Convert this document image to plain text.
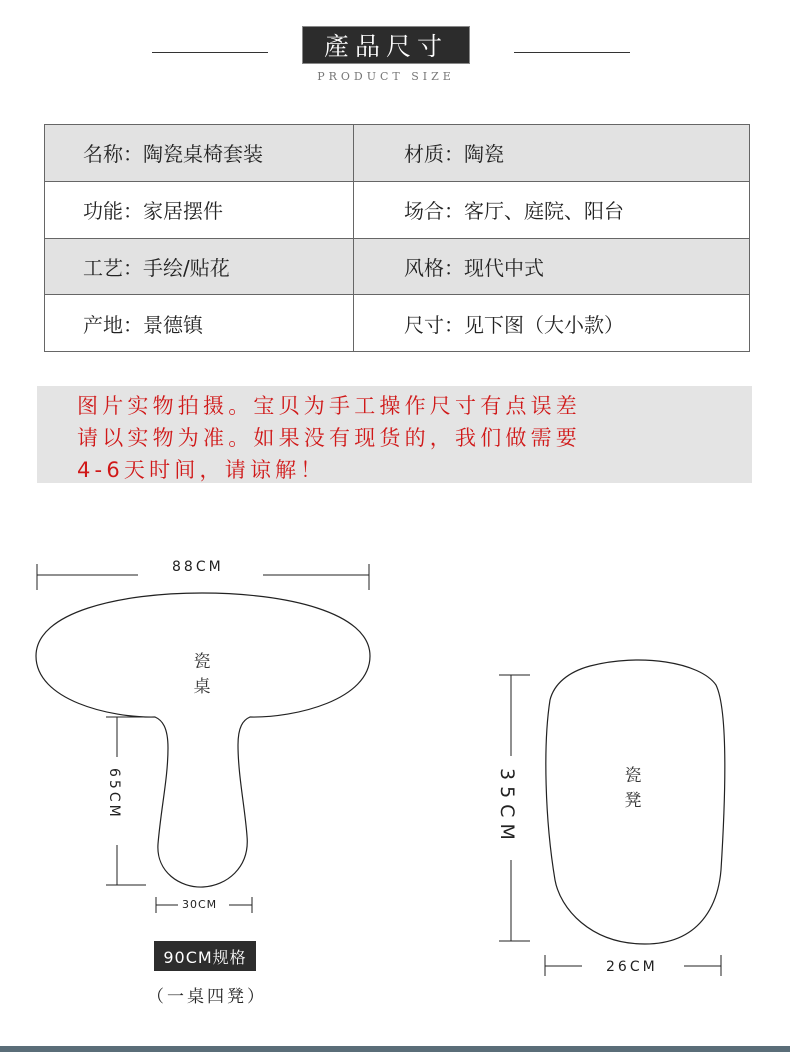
產品尺寸
PRODUCT SIZE
名称：陶瓷桌椅套装	材质：陶瓷
功能：家居摆件	场合：客厅、庭院、阳台
工艺：手绘/贴花	风格：现代中式
产地：景德镇	尺寸：见下图（大小款）
图片实物拍摄。宝贝为手工操作尺寸有点误差
请以实物为准。如果没有现货的，我们做需要
4-6天时间，请谅解！
88CM
瓷
桌
65CM
30CM
90CM规格
（一桌四凳）
瓷
凳
35CM
26CM
